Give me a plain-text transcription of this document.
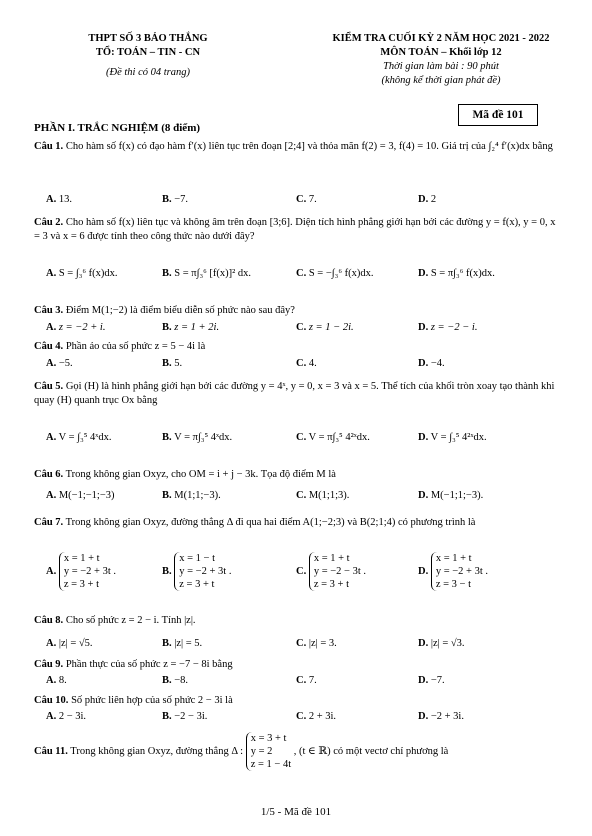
THPT SỐ 3 BẢO THẮNG
TỔ: TOÁN – TIN - CN
(Đề thi có 04 trang)
KIỂM TRA CUỐI KỲ 2 NĂM HỌC 2021 - 2022
MÔN TOÁN – Khối lớp 12
Thời gian làm bài : 90 phút
(không kể thời gian phát đề)
Mã đề 101
PHẦN I. TRẮC NGHIỆM (8 điểm)
Câu 1. Cho hàm số f(x) có đạo hàm f′(x) liên tục trên đoạn [2;4] và thỏa mãn f(2) = 3, f(4) = 10. Giá trị của ∫₂⁴ f′(x)dx bằng
A. 13.	B. −7.	C. 7.	D. 2
Câu 2. Cho hàm số f(x) liên tục và không âm trên đoạn [3;6]. Diện tích hình phẳng giới hạn bởi các đường y = f(x), y = 0, x = 3 và x = 6 được tính theo công thức nào dưới đây?
A. S = ∫₃⁶ f(x)dx.	B. S = π∫₃⁶ [f(x)]² dx.	C. S = −∫₃⁶ f(x)dx.	D. S = π∫₃⁶ f(x)dx.
Câu 3. Điểm M(1;−2) là điểm biểu diễn số phức nào sau đây?
A. z = −2 + i.	B. z = 1 + 2i.	C. z = 1 − 2i.	D. z = −2 − i.
Câu 4. Phần ảo của số phức z = 5 − 4i là
A. −5.	B. 5.	C. 4.	D. −4.
Câu 5. Gọi (H) là hình phẳng giới hạn bởi các đường y = 4ˣ, y = 0, x = 3 và x = 5. Thể tích của khối tròn xoay tạo thành khi quay (H) quanh trục Ox bằng
A. V = ∫₃⁵ 4ˣdx.	B. V = π∫₃⁵ 4ˣdx.	C. V = π∫₃⁵ 4²ˣdx.	D. V = ∫₃⁵ 4²ˣdx.
Câu 6. Trong không gian Oxyz, cho OM = i + j − 3k. Tọa độ điểm M là
A. M(−1;−1;−3)	B. M(1;1;−3).	C. M(1;1;3).	D. M(−1;1;−3).
Câu 7. Trong không gian Oxyz, đường thẳng Δ đi qua hai điểm A(1;−2;3) và B(2;1;4) có phương trình là
A.
x = 1 + t
y = −2 + 3t .
z = 3 + t
B.
x = 1 − t
y = −2 + 3t .
z = 3 + t
C.
x = 1 + t
y = −2 − 3t .
z = 3 + t
D.
x = 1 + t
y = −2 + 3t .
z = 3 − t
Câu 8. Cho số phức z = 2 − i. Tính |z|.
A. |z| = √5.	B. |z| = 5.	C. |z| = 3.	D. |z| = √3.
Câu 9. Phần thực của số phức z = −7 − 8i bằng
A. 8.	B. −8.	C. 7.	D. −7.
Câu 10. Số phức liên hợp của số phức 2 − 3i là
A. 2 − 3i.	B. −2 − 3i.	C. 2 + 3i.	D. −2 + 3i.
Câu 11. Trong không gian Oxyz, đường thẳng Δ :
x = 3 + t
y = 2
z = 1 − 4t
, (t ∈ ℝ) có một vectơ chỉ phương là
1/5 - Mã đề 101
